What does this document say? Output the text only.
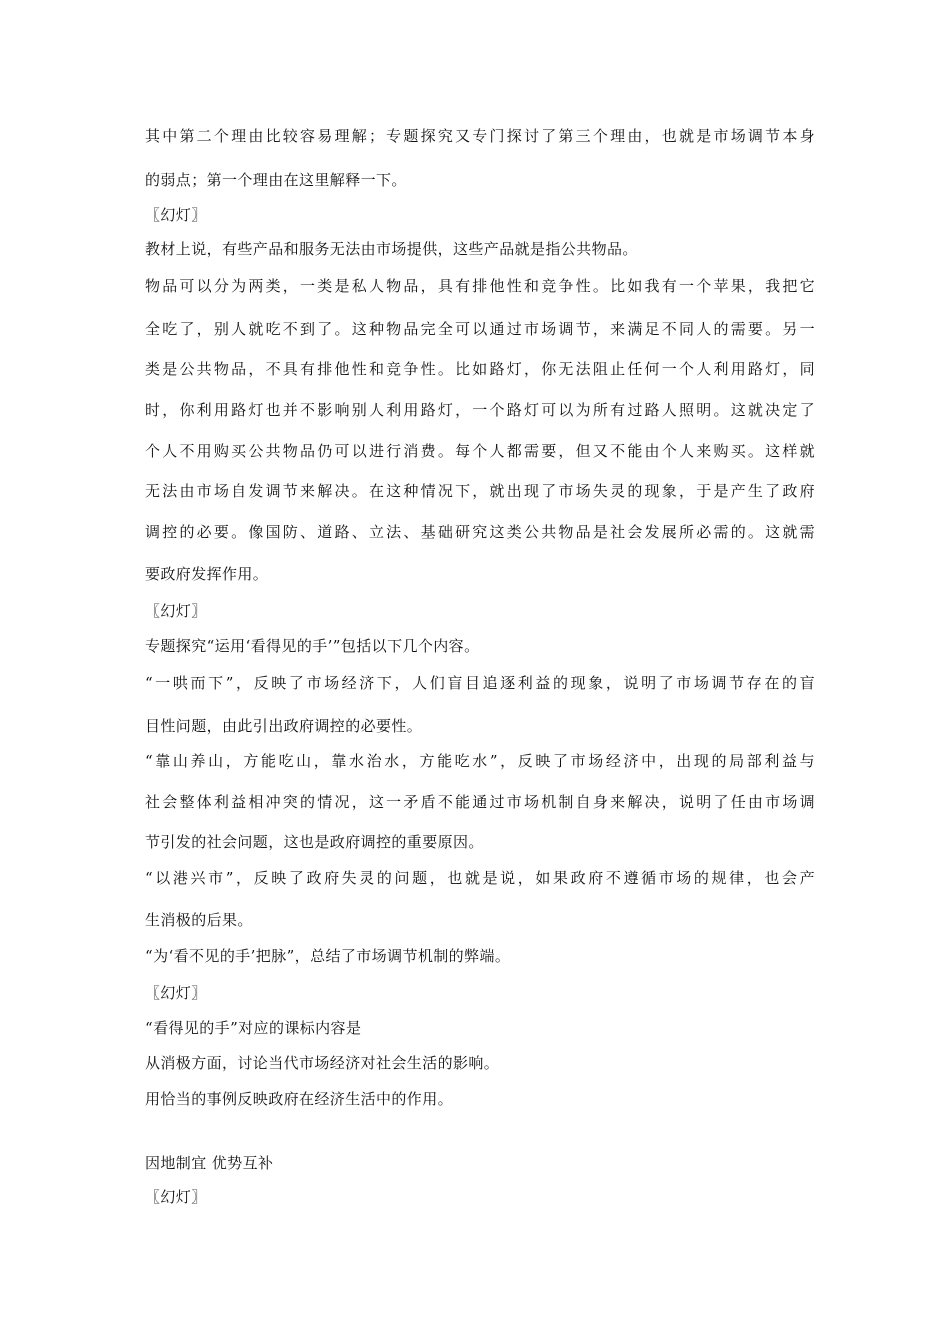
其中第二个理由比较容易理解；专题探究又专门探讨了第三个理由，也就是市场调节本身
的弱点；第一个理由在这里解释一下。
〖幻灯〗
教材上说，有些产品和服务无法由市场提供，这些产品就是指公共物品。
物品可以分为两类，一类是私人物品，具有排他性和竞争性。比如我有一个苹果，我把它
全吃了，别人就吃不到了。这种物品完全可以通过市场调节，来满足不同人的需要。另一
类是公共物品，不具有排他性和竞争性。比如路灯，你无法阻止任何一个人利用路灯，同
时，你利用路灯也并不影响别人利用路灯，一个路灯可以为所有过路人照明。这就决定了
个人不用购买公共物品仍可以进行消费。每个人都需要，但又不能由个人来购买。这样就
无法由市场自发调节来解决。在这种情况下，就出现了市场失灵的现象，于是产生了政府
调控的必要。像国防、道路、立法、基础研究这类公共物品是社会发展所必需的。这就需
要政府发挥作用。
〖幻灯〗
专题探究“运用‘看得见的手’”包括以下几个内容。
“一哄而下”，反映了市场经济下，人们盲目追逐利益的现象，说明了市场调节存在的盲
目性问题，由此引出政府调控的必要性。
“靠山养山，方能吃山，靠水治水，方能吃水”，反映了市场经济中，出现的局部利益与
社会整体利益相冲突的情况，这一矛盾不能通过市场机制自身来解决，说明了任由市场调
节引发的社会问题，这也是政府调控的重要原因。
“以港兴市”，反映了政府失灵的问题，也就是说，如果政府不遵循市场的规律，也会产
生消极的后果。
“为‘看不见的手’把脉”，总结了市场调节机制的弊端。
〖幻灯〗
“看得见的手”对应的课标内容是
从消极方面，讨论当代市场经济对社会生活的影响。
用恰当的事例反映政府在经济生活中的作用。
因地制宜 优势互补
〖幻灯〗
